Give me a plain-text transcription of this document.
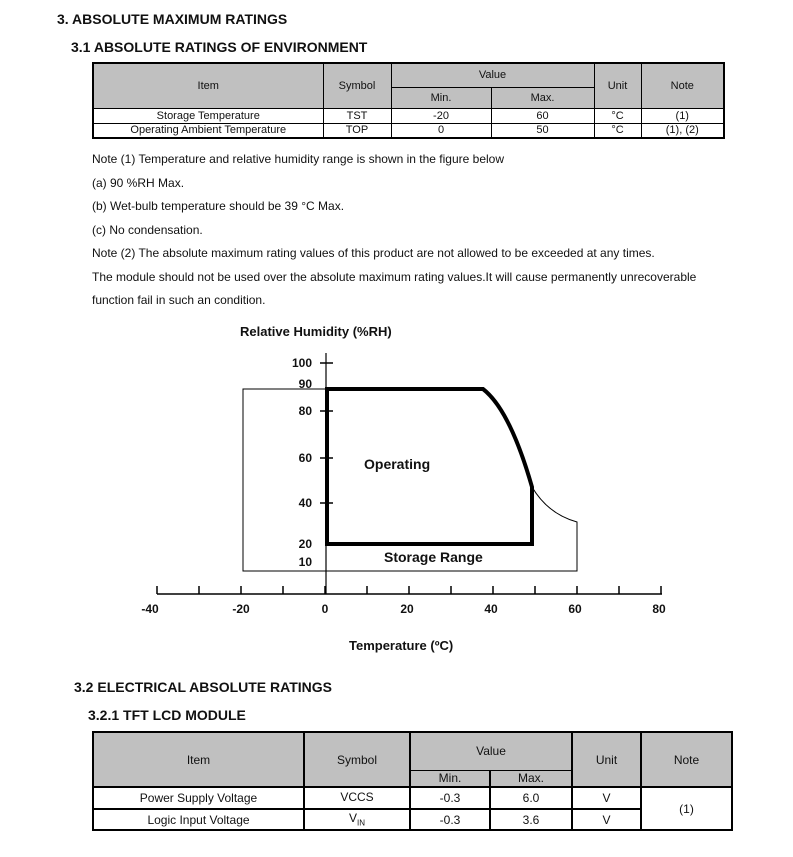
3. ABSOLUTE MAXIMUM RATINGS
3.1 ABSOLUTE RATINGS OF ENVIRONMENT
Item	Symbol	Value		Unit	Note
		Min.	Max.		
Storage Temperature	TST	-20	60	°C	(1)
Operating Ambient Temperature	TOP	0	50	°C	(1), (2)
Note (1) Temperature and relative humidity range is shown in the figure below
(a) 90 %RH Max.
(b) Wet-bulb temperature should be 39 °C Max.
(c) No condensation.
Note (2) The absolute maximum rating values of this product are not allowed to be exceeded at any times.
The module should not be used over the absolute maximum rating values.It will cause permanently unrecoverable
function fail in such an condition.
Relative Humidity (%RH)
100
90
80
60
40
20
10
-40	-20	0	20	40	60	80
Operating
Storage Range
Temperature (ºC)
3.2 ELECTRICAL ABSOLUTE RATINGS
3.2.1 TFT LCD MODULE
Item	Symbol	Value		Unit	Note
		Min.	Max.		
Power Supply Voltage	VCCS	-0.3	6.0	V	(1)
Logic Input Voltage	$V_{IN}$	-0.3	3.6	V	
